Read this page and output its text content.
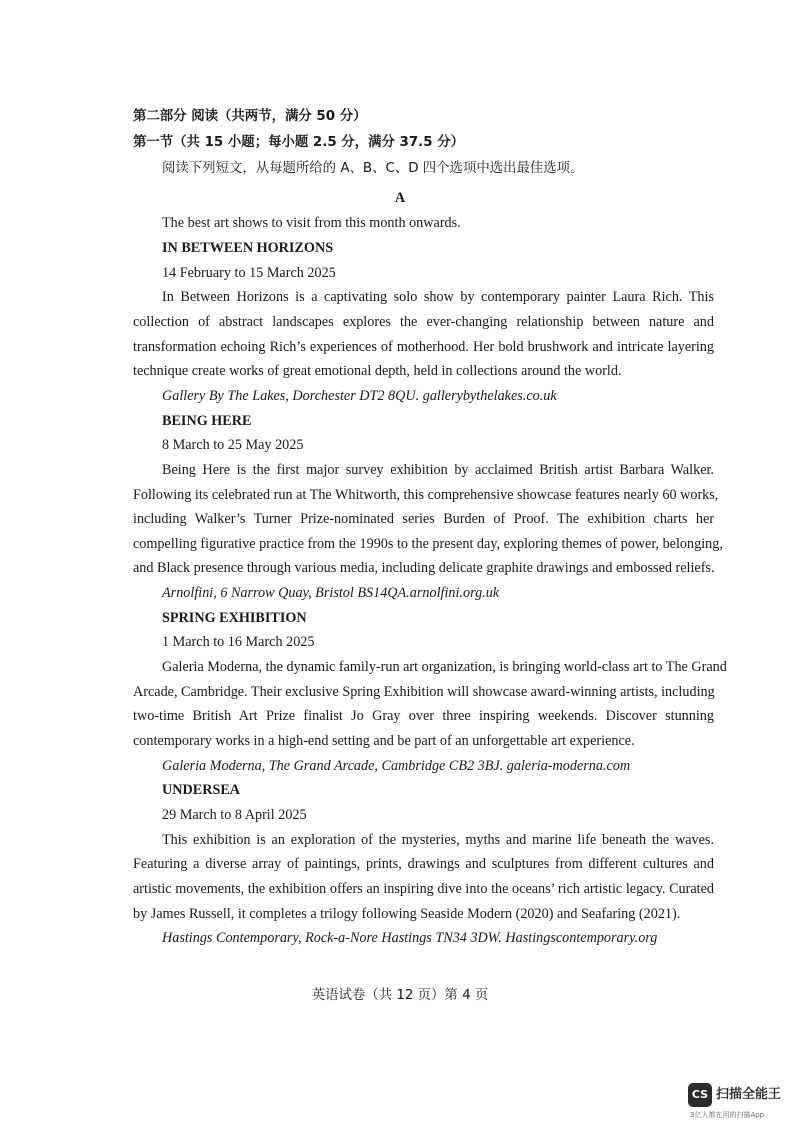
第二部分 阅读（共两节，满分 50 分）
第一节（共 15 小题；每小题 2.5 分，满分 37.5 分）
阅读下列短文，从每题所给的 A、B、C、D 四个选项中选出最佳选项。
A
The best art shows to visit from this month onwards.
IN BETWEEN HORIZONS
14 February to 15 March 2025
In Between Horizons is a captivating solo show by contemporary painter Laura Rich. This
collection of abstract landscapes explores the ever-changing relationship between nature and
transformation echoing Rich’s experiences of motherhood. Her bold brushwork and intricate layering
technique create works of great emotional depth, held in collections around the world.
Gallery By The Lakes, Dorchester DT2 8QU. gallerybythelakes.co.uk
BEING HERE
8 March to 25 May 2025
Being Here is the first major survey exhibition by acclaimed British artist Barbara Walker.
Following its celebrated run at The Whitworth, this comprehensive showcase features nearly 60 works,
including Walker’s Turner Prize-nominated series Burden of Proof. The exhibition charts her
compelling figurative practice from the 1990s to the present day, exploring themes of power, belonging,
and Black presence through various media, including delicate graphite drawings and embossed reliefs.
Arnolfini, 6 Narrow Quay, Bristol BS14QA.arnolfini.org.uk
SPRING EXHIBITION
1 March to 16 March 2025
Galeria Moderna, the dynamic family-run art organization, is bringing world-class art to The Grand
Arcade, Cambridge. Their exclusive Spring Exhibition will showcase award-winning artists, including
two-time British Art Prize finalist Jo Gray over three inspiring weekends. Discover stunning
contemporary works in a high-end setting and be part of an unforgettable art experience.
Galeria Moderna, The Grand Arcade, Cambridge CB2 3BJ. galeria-moderna.com
UNDERSEA
29 March to 8 April 2025
This exhibition is an exploration of the mysteries, myths and marine life beneath the waves.
Featuring a diverse array of paintings, prints, drawings and sculptures from different cultures and
artistic movements, the exhibition offers an inspiring dive into the oceans’ rich artistic legacy. Curated
by James Russell, it completes a trilogy following Seaside Modern (2020) and Seafaring (2021).
Hastings Contemporary, Rock-a-Nore Hastings TN34 3DW. Hastingscontemporary.org
英语试卷（共 12 页）第 4 页
CS 扫描全能王
3亿人都在用的扫描App
